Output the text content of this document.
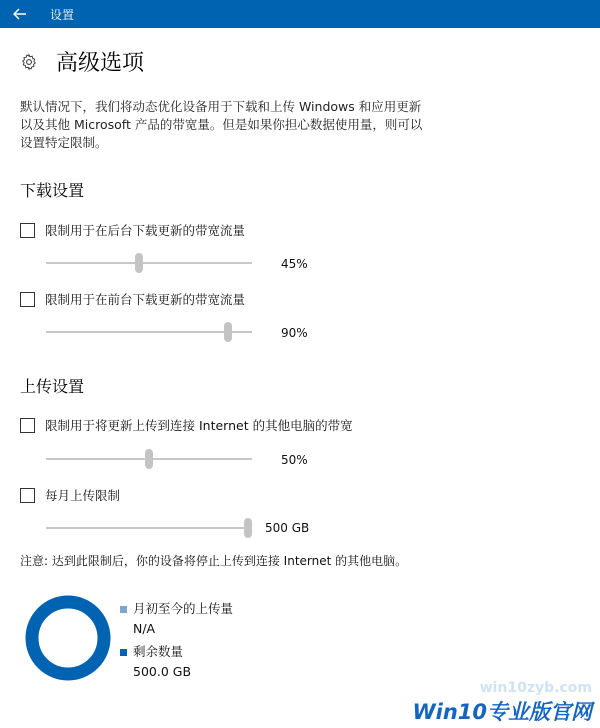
设置
高级选项
默认情况下，我们将动态优化设备用于下载和上传 Windows 和应用更新以及其他 Microsoft 产品的带宽量。但是如果你担心数据使用量，则可以设置特定限制。
下载设置
限制用于在后台下载更新的带宽流量
45%
限制用于在前台下载更新的带宽流量
90%
上传设置
限制用于将更新上传到连接 Internet 的其他电脑的带宽
50%
每月上传限制
500 GB
注意: 达到此限制后，你的设备将停止上传到连接 Internet 的其他电脑。
月初至今的上传量
N/A
剩余数量
500.0 GB
win10zyb.com
Win10专业版官网
